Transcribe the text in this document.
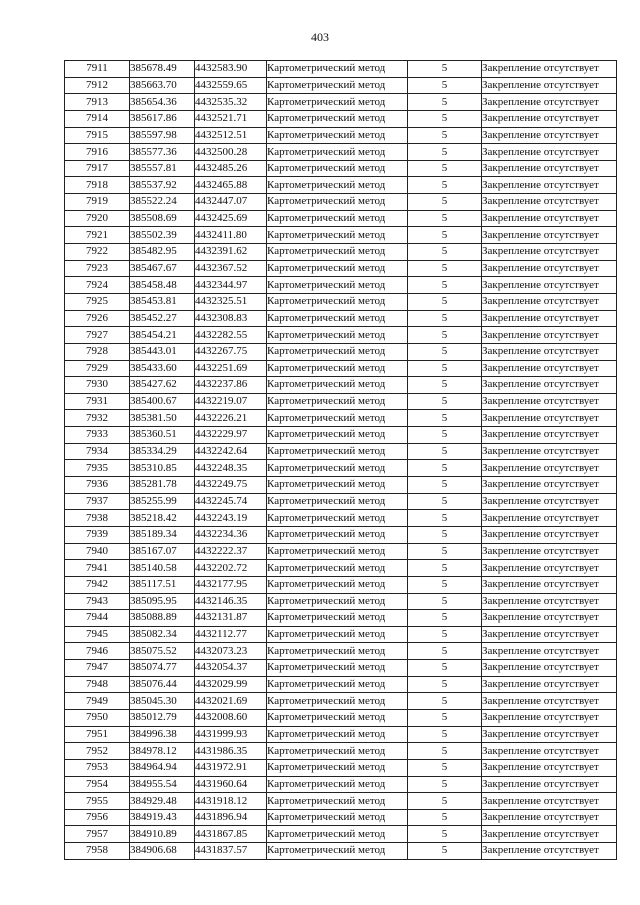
403
7911	385678.49	4432583.90	Картометрический метод	5	Закрепление отсутствует
7912	385663.70	4432559.65	Картометрический метод	5	Закрепление отсутствует
7913	385654.36	4432535.32	Картометрический метод	5	Закрепление отсутствует
7914	385617.86	4432521.71	Картометрический метод	5	Закрепление отсутствует
7915	385597.98	4432512.51	Картометрический метод	5	Закрепление отсутствует
7916	385577.36	4432500.28	Картометрический метод	5	Закрепление отсутствует
7917	385557.81	4432485.26	Картометрический метод	5	Закрепление отсутствует
7918	385537.92	4432465.88	Картометрический метод	5	Закрепление отсутствует
7919	385522.24	4432447.07	Картометрический метод	5	Закрепление отсутствует
7920	385508.69	4432425.69	Картометрический метод	5	Закрепление отсутствует
7921	385502.39	4432411.80	Картометрический метод	5	Закрепление отсутствует
7922	385482.95	4432391.62	Картометрический метод	5	Закрепление отсутствует
7923	385467.67	4432367.52	Картометрический метод	5	Закрепление отсутствует
7924	385458.48	4432344.97	Картометрический метод	5	Закрепление отсутствует
7925	385453.81	4432325.51	Картометрический метод	5	Закрепление отсутствует
7926	385452.27	4432308.83	Картометрический метод	5	Закрепление отсутствует
7927	385454.21	4432282.55	Картометрический метод	5	Закрепление отсутствует
7928	385443.01	4432267.75	Картометрический метод	5	Закрепление отсутствует
7929	385433.60	4432251.69	Картометрический метод	5	Закрепление отсутствует
7930	385427.62	4432237.86	Картометрический метод	5	Закрепление отсутствует
7931	385400.67	4432219.07	Картометрический метод	5	Закрепление отсутствует
7932	385381.50	4432226.21	Картометрический метод	5	Закрепление отсутствует
7933	385360.51	4432229.97	Картометрический метод	5	Закрепление отсутствует
7934	385334.29	4432242.64	Картометрический метод	5	Закрепление отсутствует
7935	385310.85	4432248.35	Картометрический метод	5	Закрепление отсутствует
7936	385281.78	4432249.75	Картометрический метод	5	Закрепление отсутствует
7937	385255.99	4432245.74	Картометрический метод	5	Закрепление отсутствует
7938	385218.42	4432243.19	Картометрический метод	5	Закрепление отсутствует
7939	385189.34	4432234.36	Картометрический метод	5	Закрепление отсутствует
7940	385167.07	4432222.37	Картометрический метод	5	Закрепление отсутствует
7941	385140.58	4432202.72	Картометрический метод	5	Закрепление отсутствует
7942	385117.51	4432177.95	Картометрический метод	5	Закрепление отсутствует
7943	385095.95	4432146.35	Картометрический метод	5	Закрепление отсутствует
7944	385088.89	4432131.87	Картометрический метод	5	Закрепление отсутствует
7945	385082.34	4432112.77	Картометрический метод	5	Закрепление отсутствует
7946	385075.52	4432073.23	Картометрический метод	5	Закрепление отсутствует
7947	385074.77	4432054.37	Картометрический метод	5	Закрепление отсутствует
7948	385076.44	4432029.99	Картометрический метод	5	Закрепление отсутствует
7949	385045.30	4432021.69	Картометрический метод	5	Закрепление отсутствует
7950	385012.79	4432008.60	Картометрический метод	5	Закрепление отсутствует
7951	384996.38	4431999.93	Картометрический метод	5	Закрепление отсутствует
7952	384978.12	4431986.35	Картометрический метод	5	Закрепление отсутствует
7953	384964.94	4431972.91	Картометрический метод	5	Закрепление отсутствует
7954	384955.54	4431960.64	Картометрический метод	5	Закрепление отсутствует
7955	384929.48	4431918.12	Картометрический метод	5	Закрепление отсутствует
7956	384919.43	4431896.94	Картометрический метод	5	Закрепление отсутствует
7957	384910.89	4431867.85	Картометрический метод	5	Закрепление отсутствует
7958	384906.68	4431837.57	Картометрический метод	5	Закрепление отсутствует
